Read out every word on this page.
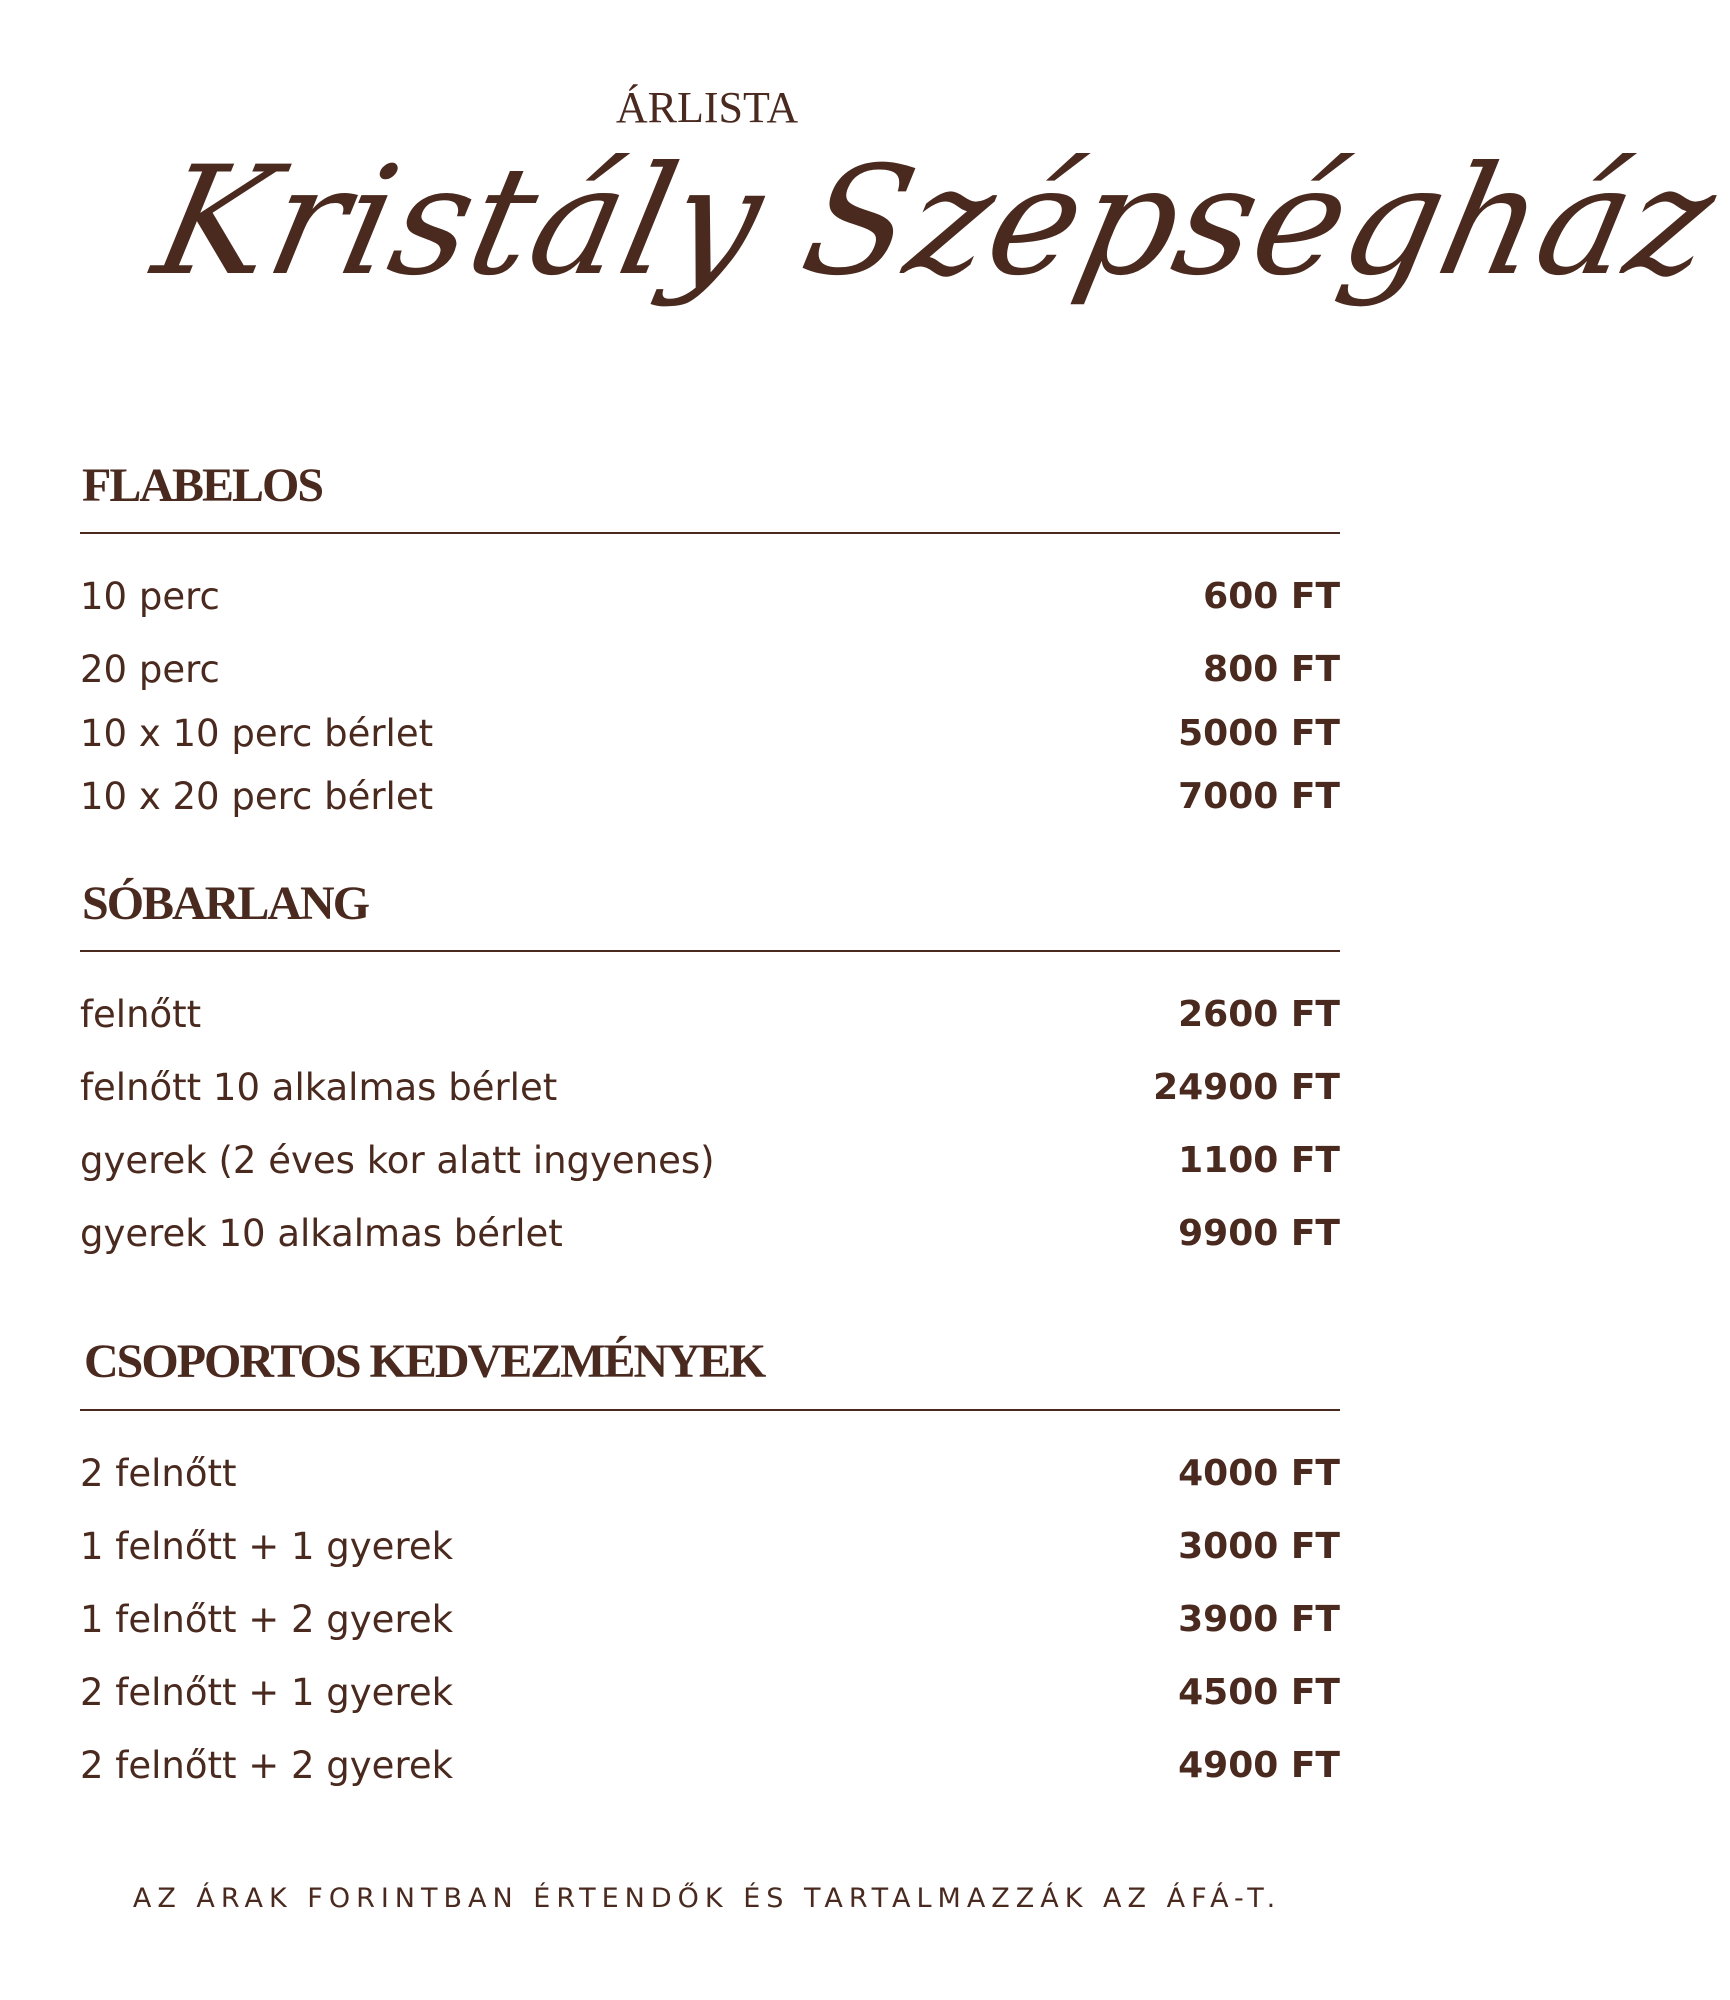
ÁRLISTA
Kristály Szépségház
FLABELOS
10 perc	600 FT
20 perc	800 FT
10 x 10 perc bérlet	5000 FT
10 x 20 perc bérlet	7000 FT
SÓBARLANG
felnőtt	2600 FT
felnőtt 10 alkalmas bérlet	24900 FT
gyerek (2 éves kor alatt ingyenes)	1100 FT
gyerek 10 alkalmas bérlet	9900 FT
CSOPORTOS KEDVEZMÉNYEK
2 felnőtt	4000 FT
1 felnőtt + 1 gyerek	3000 FT
1 felnőtt + 2 gyerek	3900 FT
2 felnőtt + 1 gyerek	4500 FT
2 felnőtt + 2 gyerek	4900 FT
AZ ÁRAK FORINTBAN ÉRTENDŐK ÉS TARTALMAZZÁK AZ ÁFÁ-T.
